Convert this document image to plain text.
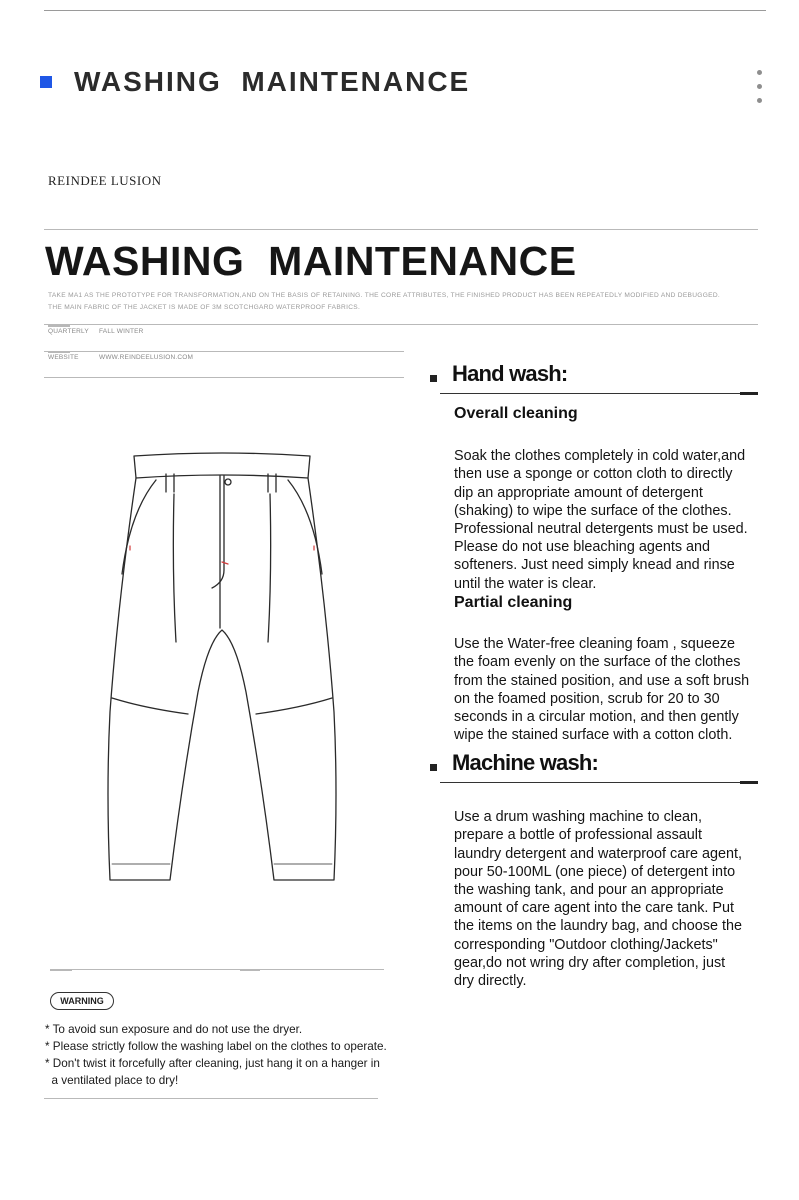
WASHING  MAINTENANCE
REINDEE LUSION
WASHING  MAINTENANCE
TAKE MA1 AS THE PROTOTYPE FOR TRANSFORMATION,AND ON THE BASIS OF RETAINING. THE CORE ATTRIBUTES, THE FINISHED PRODUCT HAS BEEN REPEATEDLY MODIFIED AND DEBUGGED.
THE MAIN FABRIC OF THE JACKET IS MADE OF 3M SCOTCHGARD WATERPROOF FABRICS.
QUARTERLY FALL WINTER
WEBSITE	WWW.REINDEELUSION.COM
WARNING
* To avoid sun exposure and do not use the dryer.
* Please strictly follow the washing label on the clothes to operate.
* Don't twist it forcefully after cleaning, just hang it on a hanger in
a ventilated place to dry!
Hand wash:
Overall cleaning

Soak the clothes completely in cold water,and
then use a sponge or cotton cloth to directly
dip an appropriate amount of detergent
(shaking) to wipe the surface of the clothes.
Professional neutral detergents must be used.
Please do not use bleaching agents and
softeners. Just need simply knead and rinse
until the water is clear.

Partial cleaning

Use the Water-free cleaning foam , squeeze
the foam evenly on the surface of the clothes
from the stained position, and use a soft brush
on the foamed position, scrub for 20 to 30
seconds in a circular motion, and then gently
wipe the stained surface with a cotton cloth.

Machine wash:

Use a drum washing machine to clean,
prepare a bottle of professional assault
laundry detergent and waterproof care agent,
pour 50-100ML (one piece) of detergent into
the washing tank, and pour an appropriate
amount of care agent into the care tank. Put
the items on the laundry bag, and choose the
corresponding "Outdoor clothing/Jackets"
gear,do not wring dry after completion, just
dry directly.
